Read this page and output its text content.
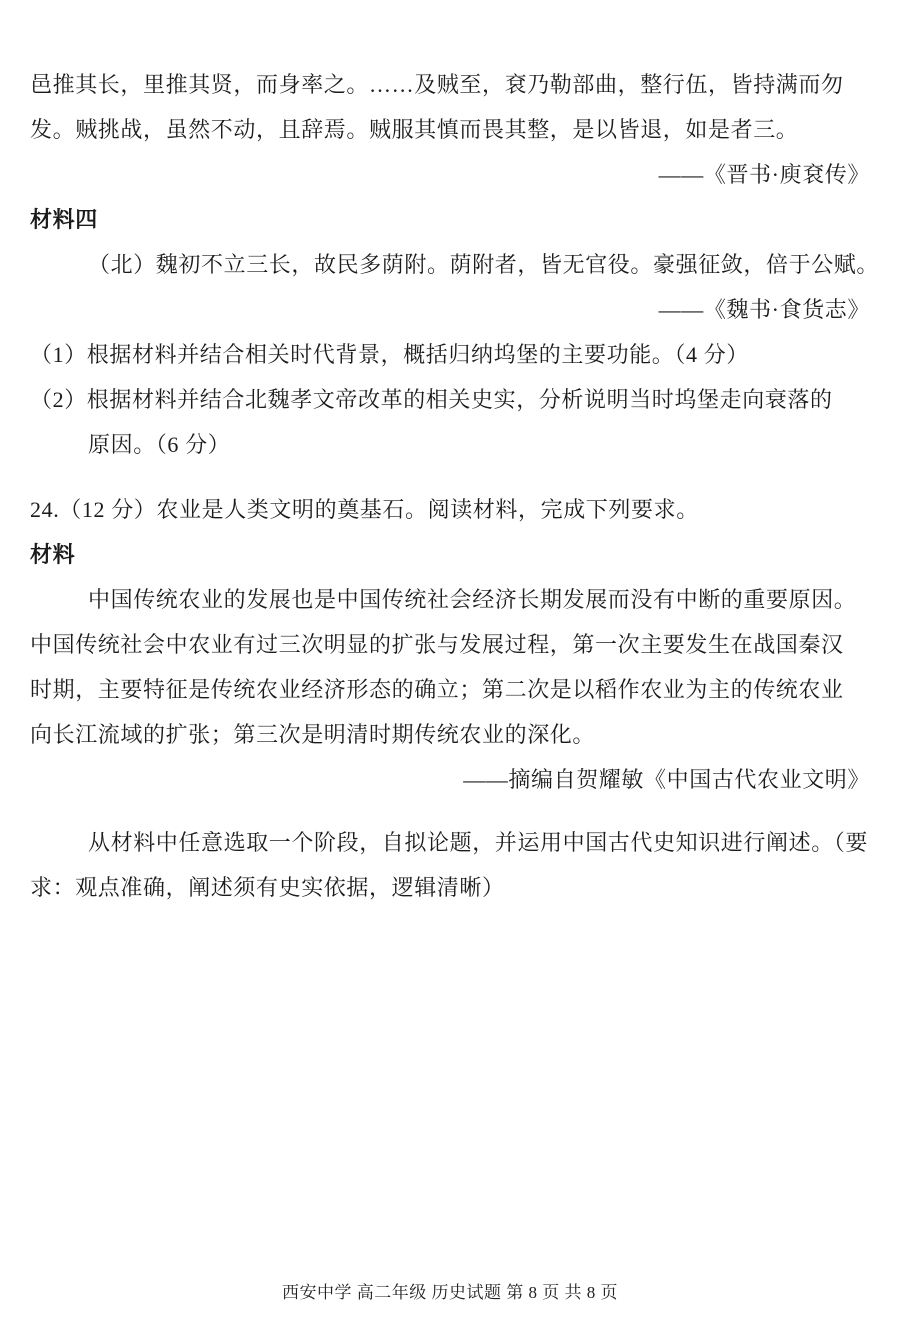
邑推其长，里推其贤，而身率之。……及贼至，袞乃勒部曲，整行伍，皆持满而勿

发。贼挑战，虽然不动，且辞焉。贼服其慎而畏其整，是以皆退，如是者三。

——《晋书·庾袞传》

材料四

（北）魏初不立三长，故民多荫附。荫附者，皆无官役。豪强征敛，倍于公赋。

——《魏书·食货志》

（1）根据材料并结合相关时代背景，概括归纳坞堡的主要功能。（4 分）

（2）根据材料并结合北魏孝文帝改革的相关史实，分析说明当时坞堡走向衰落的

原因。（6 分）

24.（12 分）农业是人类文明的奠基石。阅读材料，完成下列要求。

材料

中国传统农业的发展也是中国传统社会经济长期发展而没有中断的重要原因。

中国传统社会中农业有过三次明显的扩张与发展过程，第一次主要发生在战国秦汉

时期，主要特征是传统农业经济形态的确立；第二次是以稻作农业为主的传统农业

向长江流域的扩张；第三次是明清时期传统农业的深化。

——摘编自贺耀敏《中国古代农业文明》

从材料中任意选取一个阶段，自拟论题，并运用中国古代史知识进行阐述。（要

求：观点准确，阐述须有史实依据，逻辑清晰）

西安中学 高二年级 历史试题 第 8 页 共 8 页
